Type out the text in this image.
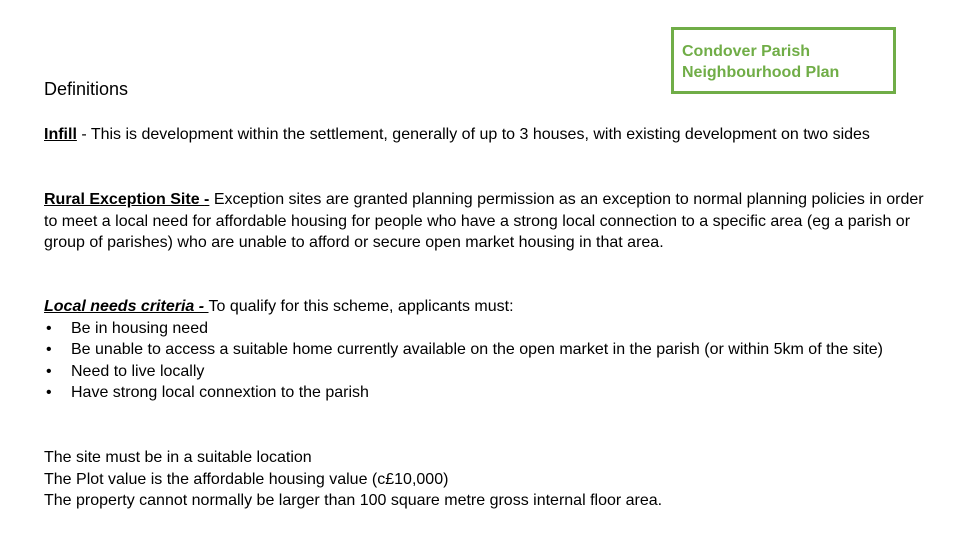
Condover Parish
Neighbourhood Plan
Definitions
Infill - This is development within the settlement, generally of up to 3 houses, with existing development on two sides
Rural Exception Site - Exception sites are granted planning permission as an exception to normal planning policies in order to meet a local need for affordable housing for people who have a strong local connection to a specific area (eg a parish or group of parishes) who are unable to afford or secure open market housing in that area.
Local needs criteria - To qualify for this scheme, applicants must:
• Be in housing need
• Be unable to access a suitable home currently available on the open market in the parish (or within 5km of the site)
• Need to live locally
• Have strong local connextion to the parish
The site must be in a suitable location
The Plot value is the affordable housing value (c£10,000)
The property cannot normally be larger than 100 square metre gross internal floor area.
